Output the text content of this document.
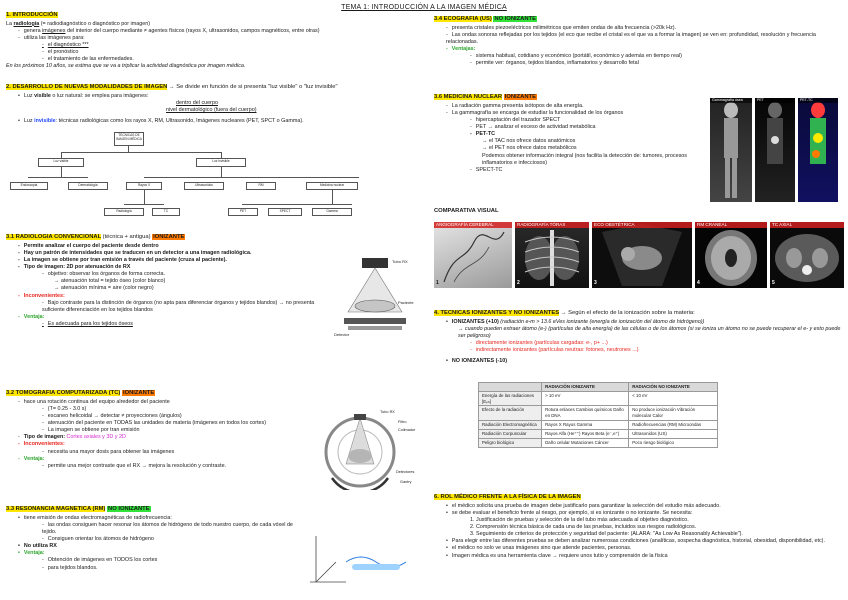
TEMA 1: INTRODUCCIÓN A LA IMAGEN MÉDICA
1. INTRODUCCIÓN
La radiología (= radiodiagnóstico o diagnóstico por imagen)
- genera imágenes del interior del cuerpo mediante ≠ agentes físicos (rayos X, ultrasonidos, campos magnéticos, entre otras)
- utiliza las imágenes para:
- el diagnóstico ***
- el pronóstico
- el tratamiento de las enfermedades.
En los próximos 10 años, se estima que se va a triplicar la actividad diagnóstica por imagen médica.
2. DESARROLLO DE NUEVAS MODALIDADES DE IMAGEN → Se divide en función de si presenta "luz visible" o "luz invisible"
• Luz visible o luz natural: se emplea para imágenes:
dentro del cuerpo
nivel dermatológico (fuera del cuerpo)
• Luz invisible: técnicas radiológicas como los rayos X, RM, Ultrasonido, Imágenes nucleares (PET, SPCT o Gamma).
TÉCNICAS DE IMAGEN MÉDICA
Luz visible	Luz invisible
Endoscopia	Dermatología	Rayos X	Ultrasonidos	RM	Medicina nuclear
Radiología	TC	PET	SPECT	Gamma
3.1 RADIOLOGÍA CONVENCIONAL (técnica + antigua) IONIZANTE
- Permite analizar el cuerpo del paciente desde dentro
- Hay un patrón de intensidades que se traducen en un detector a una imagen radiológica.
- La imagen se obtiene por tran emisión a través del paciente (cruza al paciente).
- Tipo de imagen: 2D por atenuación de RX
- objetivo: observar los órganos de forma correcta.
→ atenuación total = tejido óseo (color blanco)
→ atenuación mínima = aire (color negro)
- Inconvenientes:
- Bajo contraste para la distinción de órganos (no apta para diferenciar órganos y tejidos blandos) → no presenta suficiente diferenciación en los tejidos blandos
- Ventaja:
- Es adecuada para los tejidos óseos
Tubo RX
Paciente
Detector
3.2 TOMOGRAFÍA COMPUTARIZADA (TC) IONIZANTE
- hace una rotación continua del equipo alrededor del paciente
- (T= 0.25 - 3.0 s)
- escaneo helicoidal → detectar ≠ proyecciones (ángulos)
- atenuación del paciente en TODAS las unidades de materia (imágenes en todos los cortes)
- La imagen se obtiene por tran emisión
- Tipo de imagen: Cortes axiales y 3D y 2D
- Inconvenientes:
- necesita una mayor dosis para obtener las imágenes
- Ventaja:
- permite una mejor contraste que el RX → mejora la resolución y contraste.
Tubo RX
Filtro
Colimador
Detectores
Gantry
3.3 RESONANCIA MAGNÉTICA (RM) NO IONIZANTE
• tiene emisión de ondas electromagnéticas de radiofrecuencia:
- las ondas consiguen hacer resonar los átomos de hidrógeno de todo nuestro cuerpo, de cada vóxel de tejido.
- Consiguen orientar los átomos de hidrógeno
• No utiliza RX
• Ventaja:
- Obtención de imágenes en TODOS los cortes
- para tejidos blandos.
3.4 ECOGRAFÍA (US) NO IONIZANTE
- presenta cristales piezoeléctricos milimétricos que emiten ondas de alta frecuencia (>20k Hz).
- Las ondas sonoras reflejadas por los tejidos (el eco que recibe el cristal es el que va a formar la imagen) se ven en: profundidad, resolución y frecuencia relacionadas.
- Ventajas:
- sistema habitual, cotidiano y económico (portátil, económico y además en tiempo real)
- permite ver: órganos, tejidos blandos, inflamatorios y desarrollo fetal
3.6 MEDICINA NUCLEAR IONIZANTE
- La radiación gamma presenta isótopos de alta energía.
- La gammagrafía se encarga de estudiar la funcionalidad de los órganos
- hipercaptación del trazador SPECT
- PET → analizar el exceso de actividad metabólica
- PET-TC
→ el TAC nos ofrece datos anatómicos
→ el PET nos ofrece datos metabólicos
Podemos obtener información integral (nos facilita la detección de: tumores, procesos inflamatorios e infecciosos)
- SPECT-TC
Gammagrafía ósea	PET	PET-TC
COMPARATIVA VISUAL
ANGIOGRAFÍA CEREBRAL
1
RADIOGRAFÍA TÓRAX
2
ECO OBSTÉTRICA
3
RM CRANEAL
4
TC AXIAL
5
4. TÉCNICAS IONIZANTES Y NO IONIZANTES → Según el efecto de la ionización sobre la materia:
• IONIZANTES (+10) (radiación e-m > 13.6 eVes ionizante (energía de ionización del átomo de hidrógeno))
→ cuando pueden extraer átomo (e-) (partículas de alta energía) de las células o de los átomos (si se ioniza un átomo no se puede recuperar el e- y esto puede ser peligroso)
- directamente ionizantes (partículas cargadas: e-, p+ ...)
- indirectamente ionizantes (partículas neutras: fotones, neutrones ...)
• NO IONIZANTES (-10)
	RADIACIÓN IONIZANTE	RADIACIÓN NO IONIZANTE
Energía de las radiaciones [Eₚₕ]	> 10 eV	< 10 eV
Efecto de la radiación	Rotura enlaces Cambios químicos Daño en DNA	No produce ionización Vibración molecular Calor
Radiación Electromagnética	Rayos X Rayos Gamma	Radiofrecuencias (RM) Microondas
Radiación Corpuscular	Rayos Alfa (He⁺⁺) Rayos Beta (e⁻,e⁺)	Ultrasonidos (US)
Peligro biológico	Daño celular Mutaciones Cáncer	Poco riesgo biológico
6. ROL MÉDICO FRENTE A LA FÍSICA DE LA IMAGEN
• el médico solicita una prueba de imagen debe justificarlo para garantizar la selección del estudio más adecuado.
• se debe evaluar el beneficio frente al riesgo, por ejemplo, si es ionizante o no ionizante. Se necesita:
1. Justificación de pruebas y selección de la del tubo más adecuada al objetivo diagnóstico.
2. Comprensión técnica básica de cada una de las pruebas, incluidos sus riesgos radiológicos.
3. Seguimiento de criterios de protección y seguridad del paciente: (ALARA: "As Low As Reasonably Achievable").
• Para elegir entre las diferentes pruebas se deben analizar numerosas condiciones (analíticas, sospecha diagnóstica, historial, obesidad, disponibilidad, etc).
• el médico no solo ve unas imágenes sino que atiende pacientes, personas.
• Imagen médica es una herramienta clave → requiere unos tutio y comprensión de la física
